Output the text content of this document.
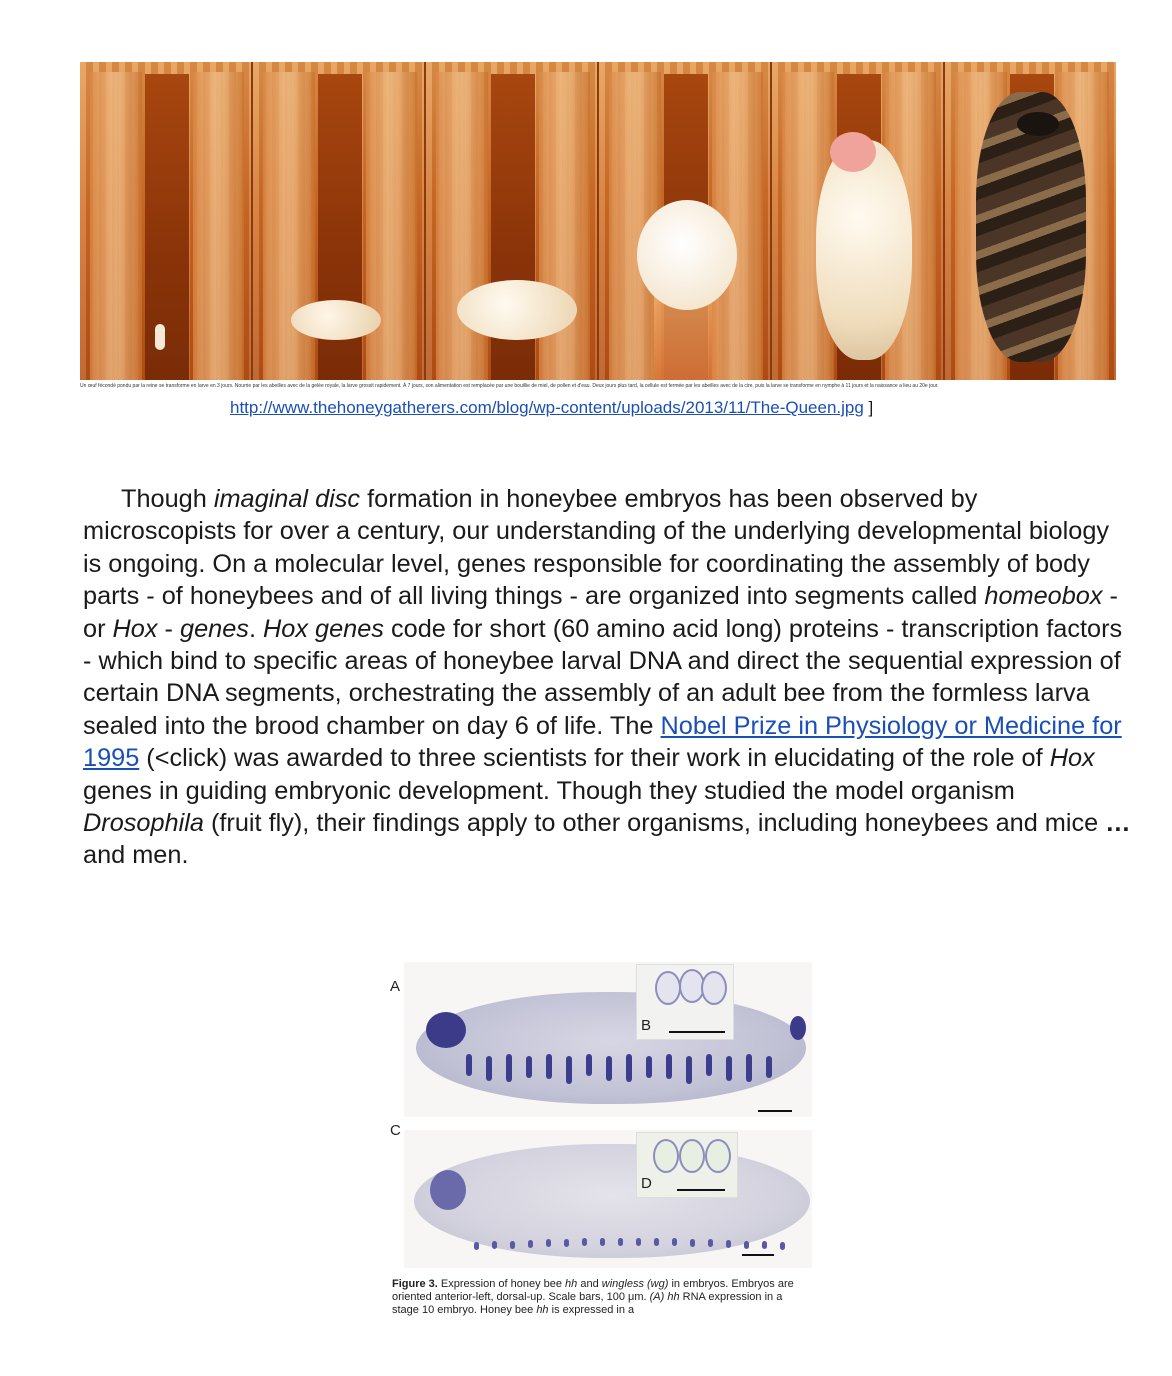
Un œuf fécondé pondu par la reine se transforme en larve en 3 jours. Nourrie par les abeilles avec de la gelée royale, la larve grossit rapidement. À 7 jours, son alimentation est remplacée par une bouillie de miel, de pollen et d'eau. Deux jours plus tard, la cellule est fermée par les abeilles avec de la cire, puis la larve se transforme en nymphe à 11 jours et la naissance a lieu au 20e jour.
http://www.thehoneygatherers.com/blog/wp-content/uploads/2013/11/The-Queen.jpg ]
Though imaginal disc formation in honeybee embryos has been observed by microscopists for over a century, our understanding of the underlying developmental biology is ongoing. On a molecular level, genes responsible for coordinating the assembly of body parts - of honeybees and of all living things - are organized into segments called homeobox - or Hox - genes. Hox genes code for short (60 amino acid long) proteins - transcription factors - which bind to specific areas of honeybee larval DNA and direct the sequential expression of certain DNA segments, orchestrating the assembly of an adult bee from the formless larva sealed into the brood chamber on day 6 of life. The Nobel Prize in Physiology or Medicine for 1995 (<click) was awarded to three scientists for their work in elucidating of the role of Hox genes in guiding embryonic development. Though they studied the model organism Drosophila (fruit fly), their findings apply to other organisms, including honeybees and mice … and men.
A
B
C
D
Figure 3. Expression of honey bee hh and wingless (wg) in embryos. Embryos are oriented anterior-left, dorsal-up. Scale bars, 100 μm. (A) hh RNA expression in a stage 10 embryo. Honey bee hh is expressed in a
